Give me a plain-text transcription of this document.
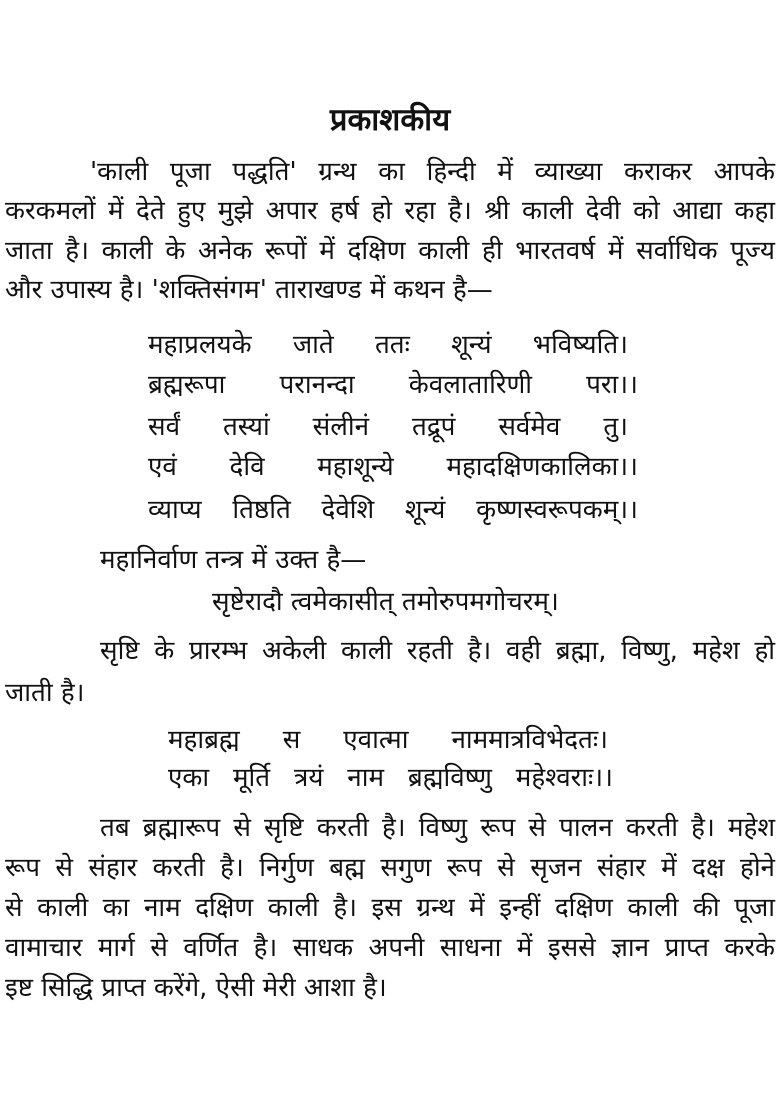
प्रकाशकीय
'काली पूजा पद्धति' ग्रन्थ का हिन्दी में व्याख्या कराकर आपके
करकमलों में देते हुए मुझे अपार हर्ष हो रहा है। श्री काली देवी को आद्या कहा
जाता है। काली के अनेक रूपों में दक्षिण काली ही भारतवर्ष में सर्वाधिक पूज्य
और उपास्य है। 'शक्तिसंगम' ताराखण्ड में कथन है—
महाप्रलयके जाते ततः शून्यं भविष्यति।
ब्रह्मरूपा परानन्दा केवलातारिणी परा।।
सर्वं तस्यां संलीनं तद्रूपं सर्वमेव तु।
एवं देवि महाशून्ये महादक्षिणकालिका।।
व्याप्य तिष्ठति देवेशि शून्यं कृष्णस्वरूपकम्।।
महानिर्वाण तन्त्र में उक्त है—
सृष्टेरादौ त्वमेकासीत् तमोरुपमगोचरम्।
सृष्टि के प्रारम्भ अकेली काली रहती है। वही ब्रह्मा, विष्णु, महेश हो
जाती है।
महाब्रह्म स एवात्मा नाममात्रविभेदतः।
एका मूर्ति त्रयं नाम ब्रह्मविष्णु महेश्वराः।।
तब ब्रह्मारूप से सृष्टि करती है। विष्णु रूप से पालन करती है। महेश
रूप से संहार करती है। निर्गुण बह्म सगुण रूप से सृजन संहार में दक्ष होने
से काली का नाम दक्षिण काली है। इस ग्रन्थ में इन्हीं दक्षिण काली की पूजा
वामाचार मार्ग से वर्णित है। साधक अपनी साधना में इससे ज्ञान प्राप्त करके
इष्ट सिद्धि प्राप्त करेंगे, ऐसी मेरी आशा है।
